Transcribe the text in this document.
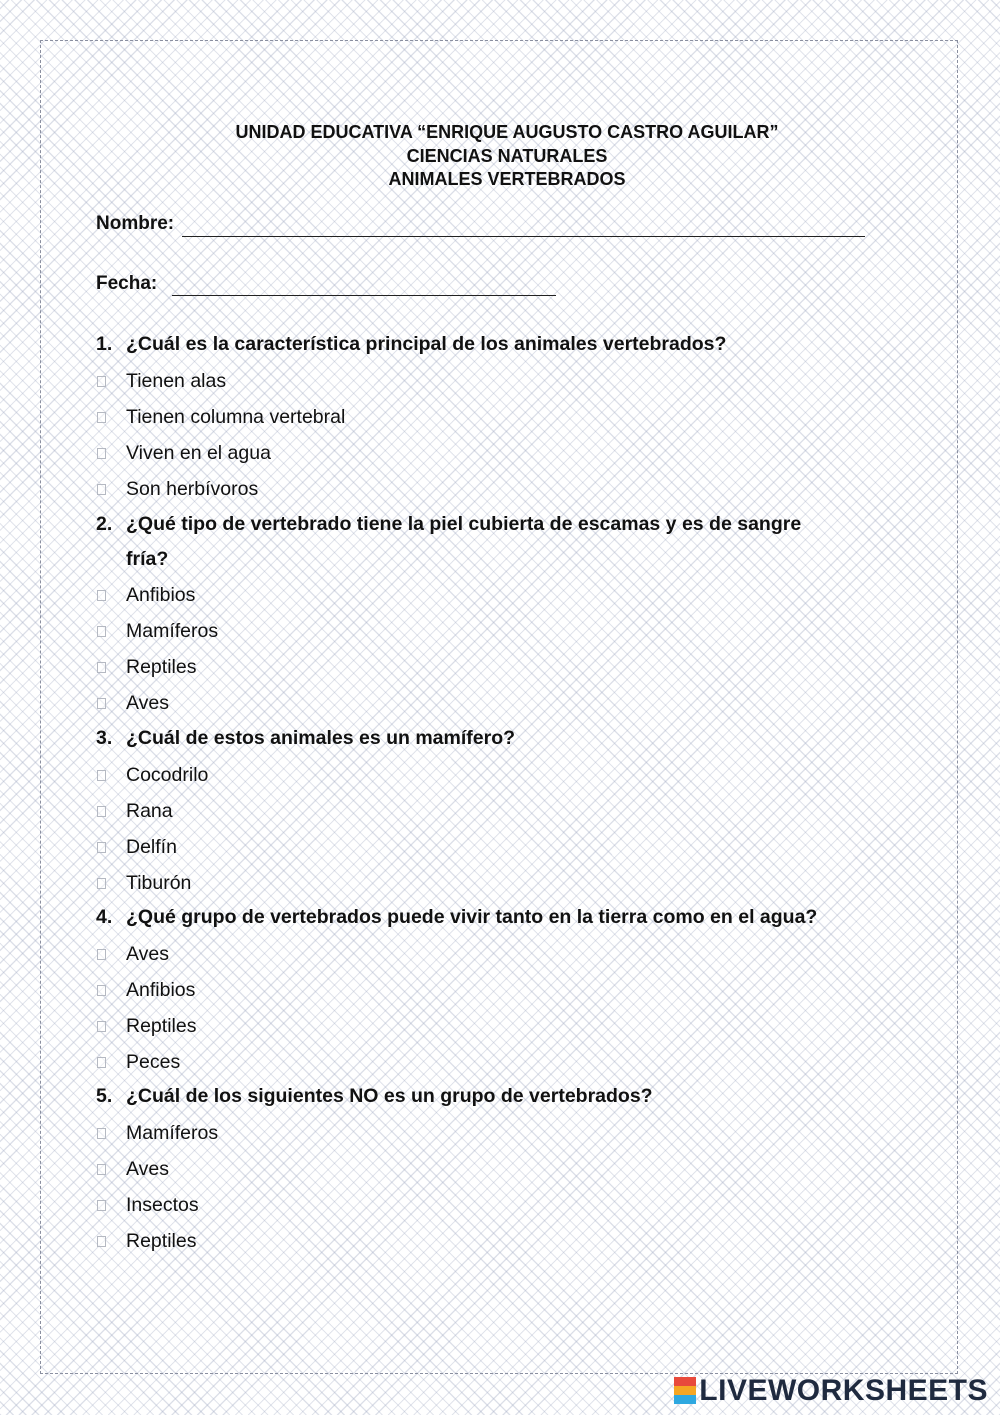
UNIDAD EDUCATIVA “ENRIQUE AUGUSTO CASTRO AGUILAR”
CIENCIAS NATURALES
ANIMALES VERTEBRADOS
Nombre:
Fecha:
1. ¿Cuál es la característica principal de los animales vertebrados?
Tienen alas
Tienen columna vertebral
Viven en el agua
Son herbívoros
2. ¿Qué tipo de vertebrado tiene la piel cubierta de escamas y es de sangre
fría?
Anfibios
Mamíferos
Reptiles
Aves
3. ¿Cuál de estos animales es un mamífero?
Cocodrilo
Rana
Delfín
Tiburón
4. ¿Qué grupo de vertebrados puede vivir tanto en la tierra como en el agua?
Aves
Anfibios
Reptiles
Peces
5. ¿Cuál de los siguientes NO es un grupo de vertebrados?
Mamíferos
Aves
Insectos
Reptiles
LIVEWORKSHEETS
